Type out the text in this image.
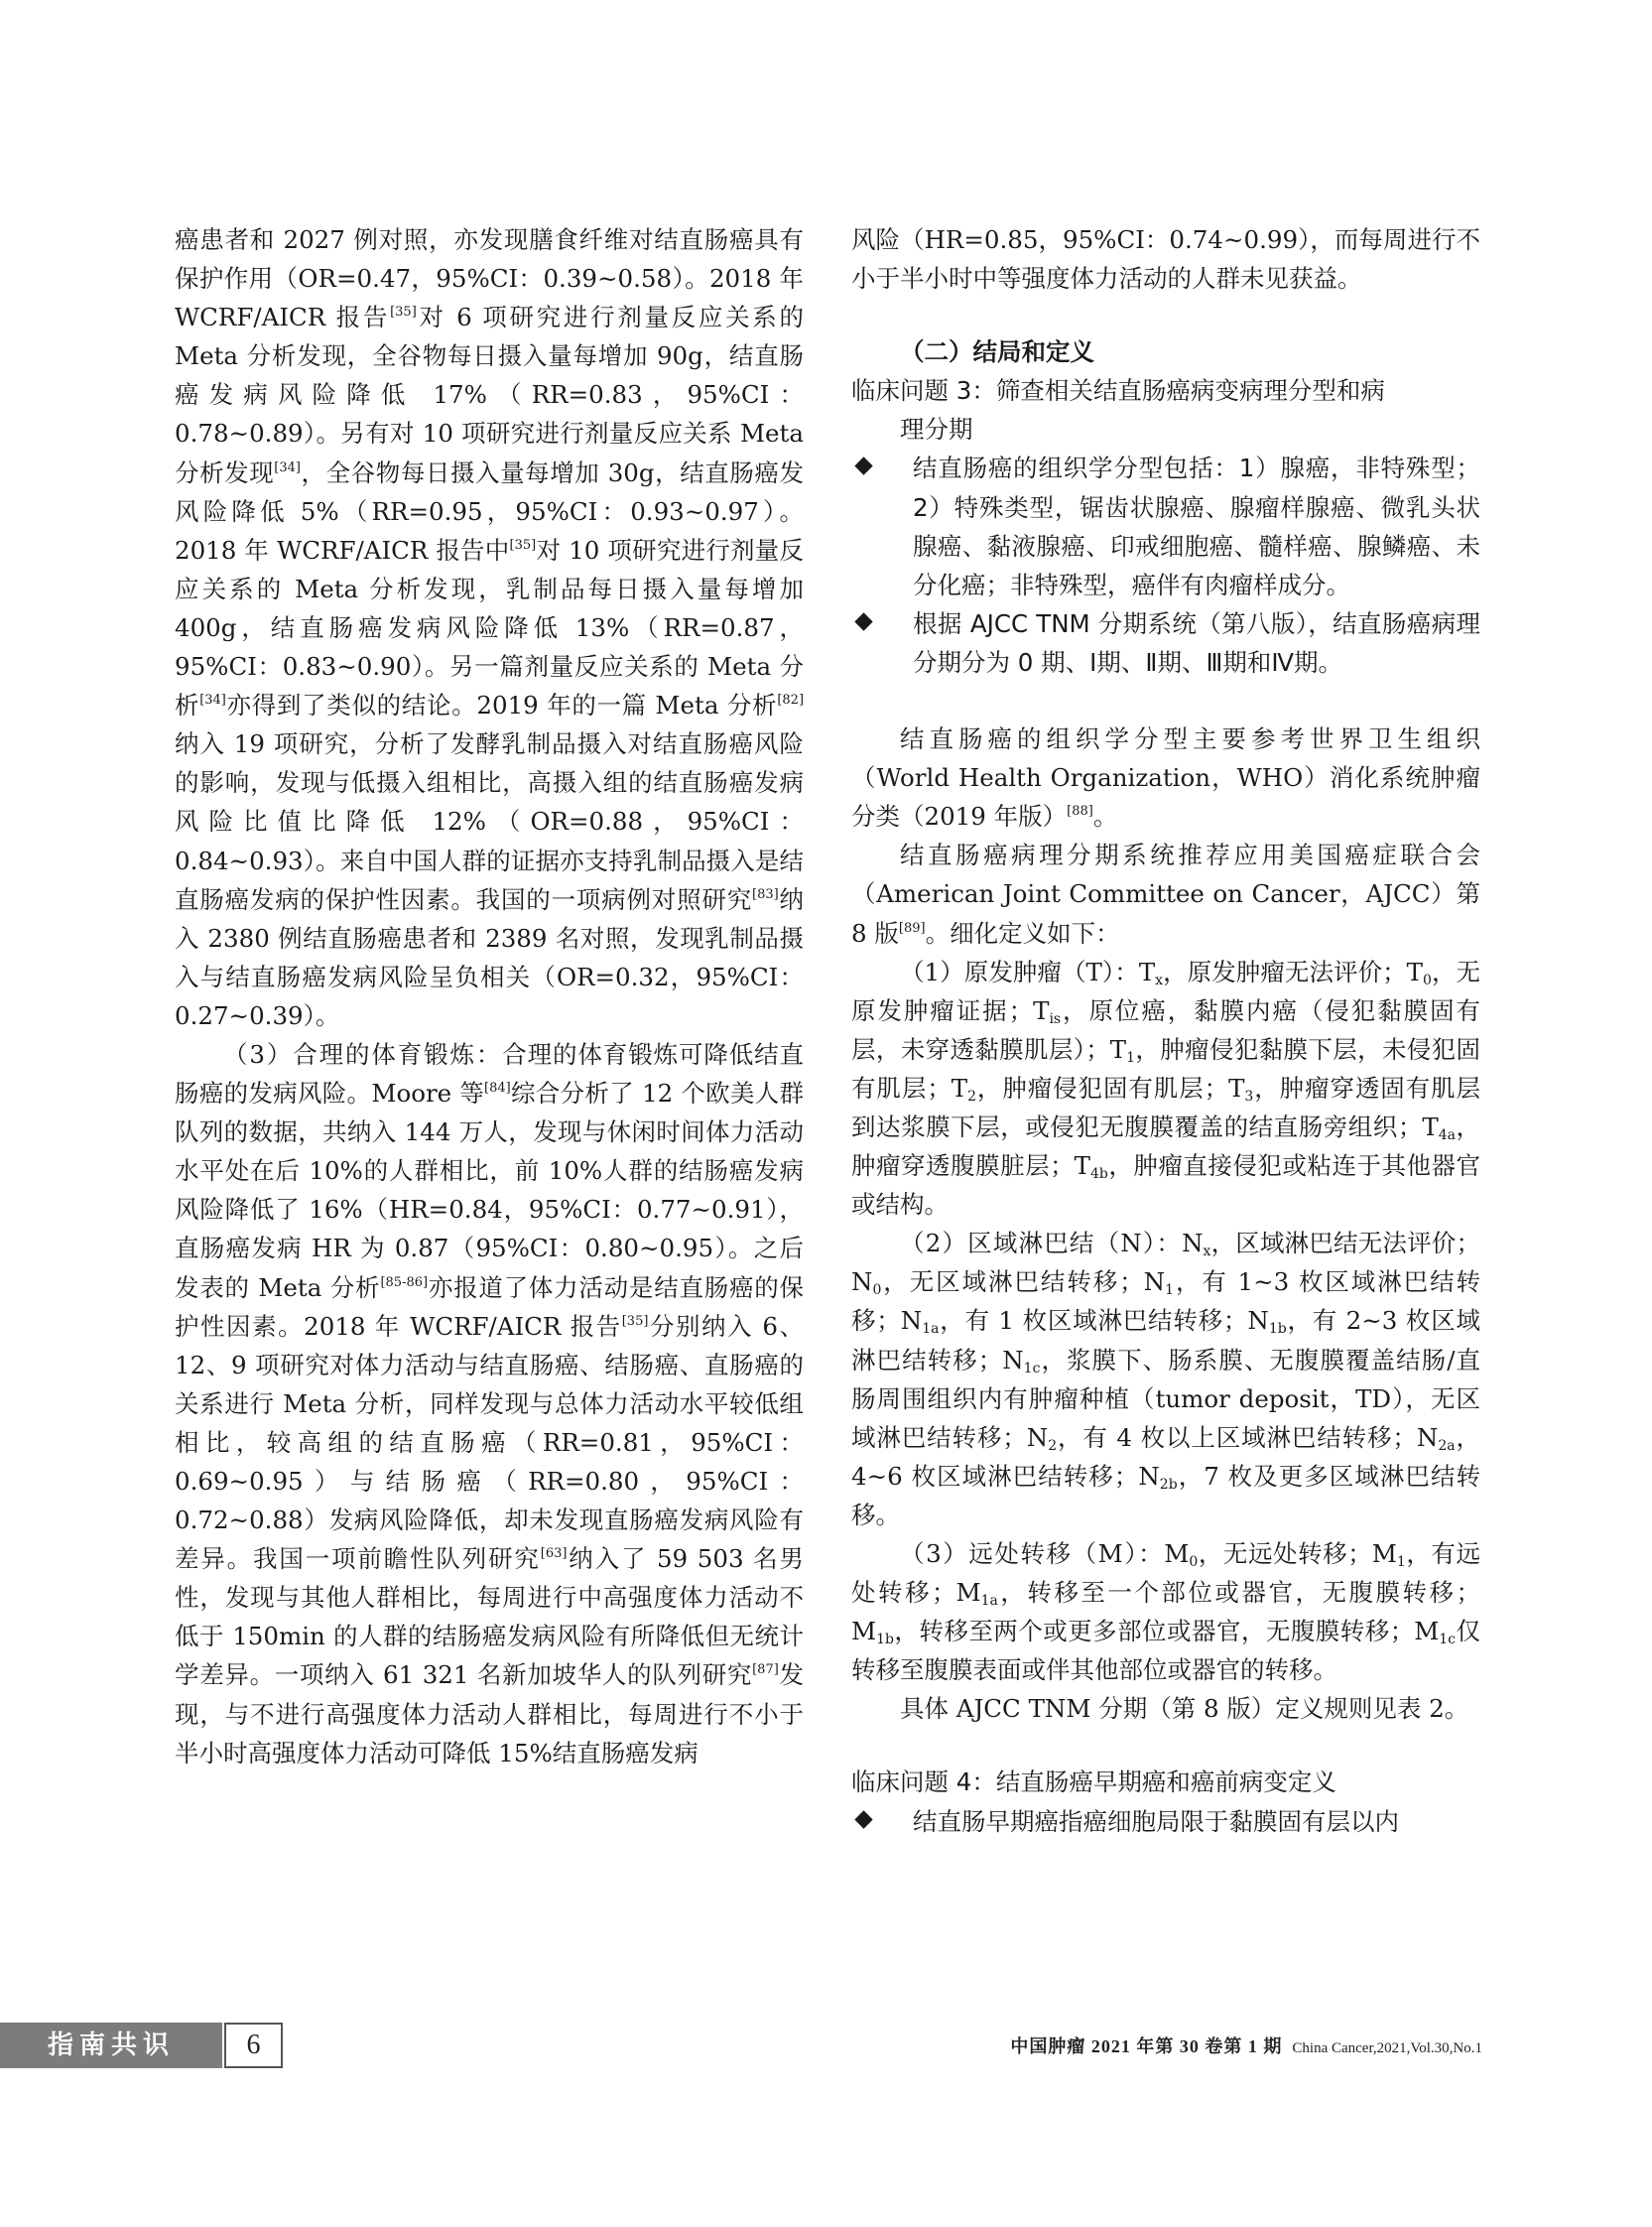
癌患者和 2027 例对照，亦发现膳食纤维对结直肠癌具有保护作用（OR=0.47，95%CI：0.39~0.58）。2018 年 WCRF/AICR 报告[35]对 6 项研究进行剂量反应关系的 Meta 分析发现，全谷物每日摄入量每增加 90g，结直肠癌发病风险降低 17%（RR=0.83，95%CI：0.78~0.89）。另有对 10 项研究进行剂量反应关系 Meta 分析发现[34]，全谷物每日摄入量每增加 30g，结直肠癌发风险降低 5%（RR=0.95，95%CI：0.93~0.97）。2018 年 WCRF/AICR 报告中[35]对 10 项研究进行剂量反应关系的 Meta 分析发现，乳制品每日摄入量每增加 400g，结直肠癌发病风险降低 13%（RR=0.87，95%CI：0.83~0.90）。另一篇剂量反应关系的 Meta 分析[34]亦得到了类似的结论。2019 年的一篇 Meta 分析[82]纳入 19 项研究，分析了发酵乳制品摄入对结直肠癌风险的影响，发现与低摄入组相比，高摄入组的结直肠癌发病风险比值比降低 12%（OR=0.88，95%CI：0.84~0.93）。来自中国人群的证据亦支持乳制品摄入是结直肠癌发病的保护性因素。我国的一项病例对照研究[83]纳入 2380 例结直肠癌患者和 2389 名对照，发现乳制品摄入与结直肠癌发病风险呈负相关（OR=0.32，95%CI：0.27~0.39）。

（3）合理的体育锻炼：合理的体育锻炼可降低结直肠癌的发病风险。Moore 等[84]综合分析了 12 个欧美人群队列的数据，共纳入 144 万人，发现与休闲时间体力活动水平处在后 10%的人群相比，前 10%人群的结肠癌发病风险降低了 16%（HR=0.84，95%CI：0.77~0.91），直肠癌发病 HR 为 0.87（95%CI：0.80~0.95）。之后发表的 Meta 分析[85-86]亦报道了体力活动是结直肠癌的保护性因素。2018 年 WCRF/AICR 报告[35]分别纳入 6、12、9 项研究对体力活动与结直肠癌、结肠癌、直肠癌的关系进行 Meta 分析，同样发现与总体力活动水平较低组相比，较高组的结直肠癌（RR=0.81，95%CI：0.69~0.95）与结肠癌（RR=0.80，95%CI：0.72~0.88）发病风险降低，却未发现直肠癌发病风险有差异。我国一项前瞻性队列研究[63]纳入了 59 503 名男性，发现与其他人群相比，每周进行中高强度体力活动不低于 150min 的人群的结肠癌发病风险有所降低但无统计学差异。一项纳入 61 321 名新加坡华人的队列研究[87]发现，与不进行高强度体力活动人群相比，每周进行不小于半小时高强度体力活动可降低 15%结直肠癌发病

风险（HR=0.85，95%CI：0.74~0.99），而每周进行不小于半小时中等强度体力活动的人群未见获益。

（二）结局和定义

临床问题 3：筛查相关结直肠癌病变病理分型和病

理分期

结直肠癌的组织学分型包括：1）腺癌，非特殊型；2）特殊类型，锯齿状腺癌、腺瘤样腺癌、微乳头状腺癌、黏液腺癌、印戒细胞癌、髓样癌、腺鳞癌、未分化癌；非特殊型，癌伴有肉瘤样成分。

根据 AJCC TNM 分期系统（第八版），结直肠癌病理分期分为 0 期、Ⅰ期、Ⅱ期、Ⅲ期和Ⅳ期。

结直肠癌的组织学分型主要参考世界卫生组织（World Health Organization，WHO）消化系统肿瘤分类（2019 年版）[88]。

结直肠癌病理分期系统推荐应用美国癌症联合会（American Joint Committee on Cancer，AJCC）第 8 版[89]。细化定义如下：

（1）原发肿瘤（T）：$T_x$，原发肿瘤无法评价；$T_0$，无原发肿瘤证据；$T_{is}$，原位癌，黏膜内癌（侵犯黏膜固有层，未穿透黏膜肌层）；$T_1$，肿瘤侵犯黏膜下层，未侵犯固有肌层；$T_2$，肿瘤侵犯固有肌层；$T_3$，肿瘤穿透固有肌层到达浆膜下层，或侵犯无腹膜覆盖的结直肠旁组织；$T_{4a}$，肿瘤穿透腹膜脏层；$T_{4b}$，肿瘤直接侵犯或粘连于其他器官或结构。

（2）区域淋巴结（N）：$N_x$，区域淋巴结无法评价；$N_0$，无区域淋巴结转移；$N_1$，有 1~3 枚区域淋巴结转移；$N_{1a}$，有 1 枚区域淋巴结转移；$N_{1b}$，有 2~3 枚区域淋巴结转移；$N_{1c}$，浆膜下、肠系膜、无腹膜覆盖结肠/直肠周围组织内有肿瘤种植（tumor deposit，TD），无区域淋巴结转移；$N_2$，有 4 枚以上区域淋巴结转移；$N_{2a}$，4~6 枚区域淋巴结转移；$N_{2b}$，7 枚及更多区域淋巴结转移。

（3）远处转移（M）：$M_0$，无远处转移；$M_1$，有远处转移；$M_{1a}$，转移至一个部位或器官，无腹膜转移；$M_{1b}$，转移至两个或更多部位或器官，无腹膜转移；$M_{1c}$仅转移至腹膜表面或伴其他部位或器官的转移。

具体 AJCC TNM 分期（第 8 版）定义规则见表 2。

临床问题 4：结直肠癌早期癌和癌前病变定义

结直肠早期癌指癌细胞局限于黏膜固有层以内

指南共识	6	中国肿瘤 2021 年第 30 卷第 1 期 China Cancer,2021,Vol.30,No.1
